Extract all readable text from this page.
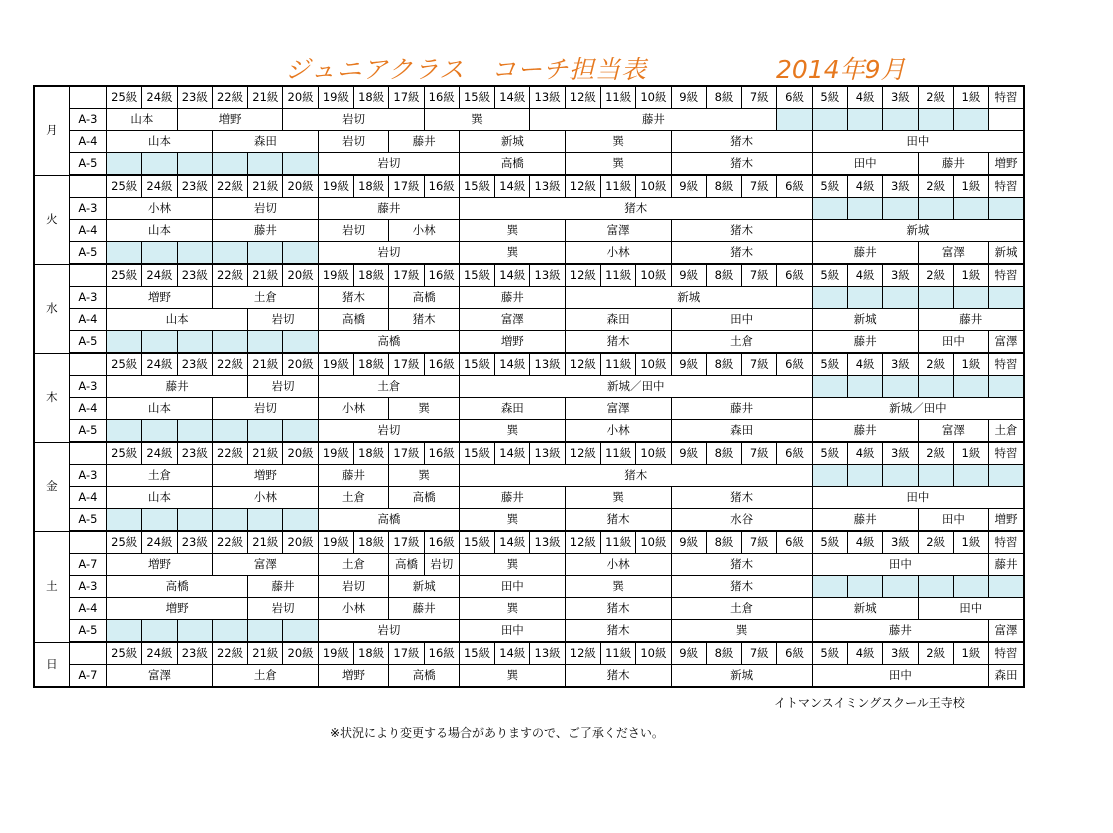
ジュニアクラス　コーチ担当表	2014年9月
月		25級	24級	23級	22級	21級	20級	19級	18級	17級	16級	15級	14級	13級	12級	11級	10級	9級	8級	7級	6級	5級	4級	3級	2級	1級	特習
	A-3	山本		増野			岩切				巽			藤井													
	A-4	山本			森田			岩切		藤井		新城			巽			猪木				田中					
	A-5							岩切				高橋			巽			猪木				田中			藤井		増野
火		25級	24級	23級	22級	21級	20級	19級	18級	17級	16級	15級	14級	13級	12級	11級	10級	9級	8級	7級	6級	5級	4級	3級	2級	1級	特習
	A-3	小林			岩切			藤井				猪木															
	A-4	山本			藤井			岩切		小林		巽			富澤			猪木				新城					
	A-5							岩切				巽			小林			猪木				藤井			富澤		新城
水		25級	24級	23級	22級	21級	20級	19級	18級	17級	16級	15級	14級	13級	12級	11級	10級	9級	8級	7級	6級	5級	4級	3級	2級	1級	特習
	A-3	増野			土倉			猪木		高橋		藤井			新城												
	A-4	山本				岩切		高橋		猪木		富澤			森田			田中				新城			藤井		
	A-5							高橋				増野			猪木			土倉				藤井			田中		富澤
木		25級	24級	23級	22級	21級	20級	19級	18級	17級	16級	15級	14級	13級	12級	11級	10級	9級	8級	7級	6級	5級	4級	3級	2級	1級	特習
	A-3	藤井				岩切		土倉				新城／田中															
	A-4	山本			岩切			小林		巽		森田			富澤			藤井				新城／田中					
	A-5							岩切				巽			小林			森田				藤井			富澤		土倉
金		25級	24級	23級	22級	21級	20級	19級	18級	17級	16級	15級	14級	13級	12級	11級	10級	9級	8級	7級	6級	5級	4級	3級	2級	1級	特習
	A-3	土倉			増野			藤井		巽		猪木															
	A-4	山本			小林			土倉		高橋		藤井			巽			猪木				田中					
	A-5							高橋				巽			猪木			水谷				藤井			田中		増野
土		25級	24級	23級	22級	21級	20級	19級	18級	17級	16級	15級	14級	13級	12級	11級	10級	9級	8級	7級	6級	5級	4級	3級	2級	1級	特習
	A-7	増野			富澤			土倉		高橋	岩切	巽			小林			猪木				田中					藤井
	A-3	高橋				藤井		岩切		新城		田中			巽			猪木									
	A-4	増野				岩切		小林		藤井		巽			猪木			土倉				新城			田中		
	A-5							岩切				田中			猪木			巽				藤井					富澤
日		25級	24級	23級	22級	21級	20級	19級	18級	17級	16級	15級	14級	13級	12級	11級	10級	9級	8級	7級	6級	5級	4級	3級	2級	1級	特習
	A-7	富澤			土倉			増野		高橋		巽			猪木			新城				田中					森田
イトマンスイミングスクール王寺校
※状況により変更する場合がありますので、ご了承ください。
